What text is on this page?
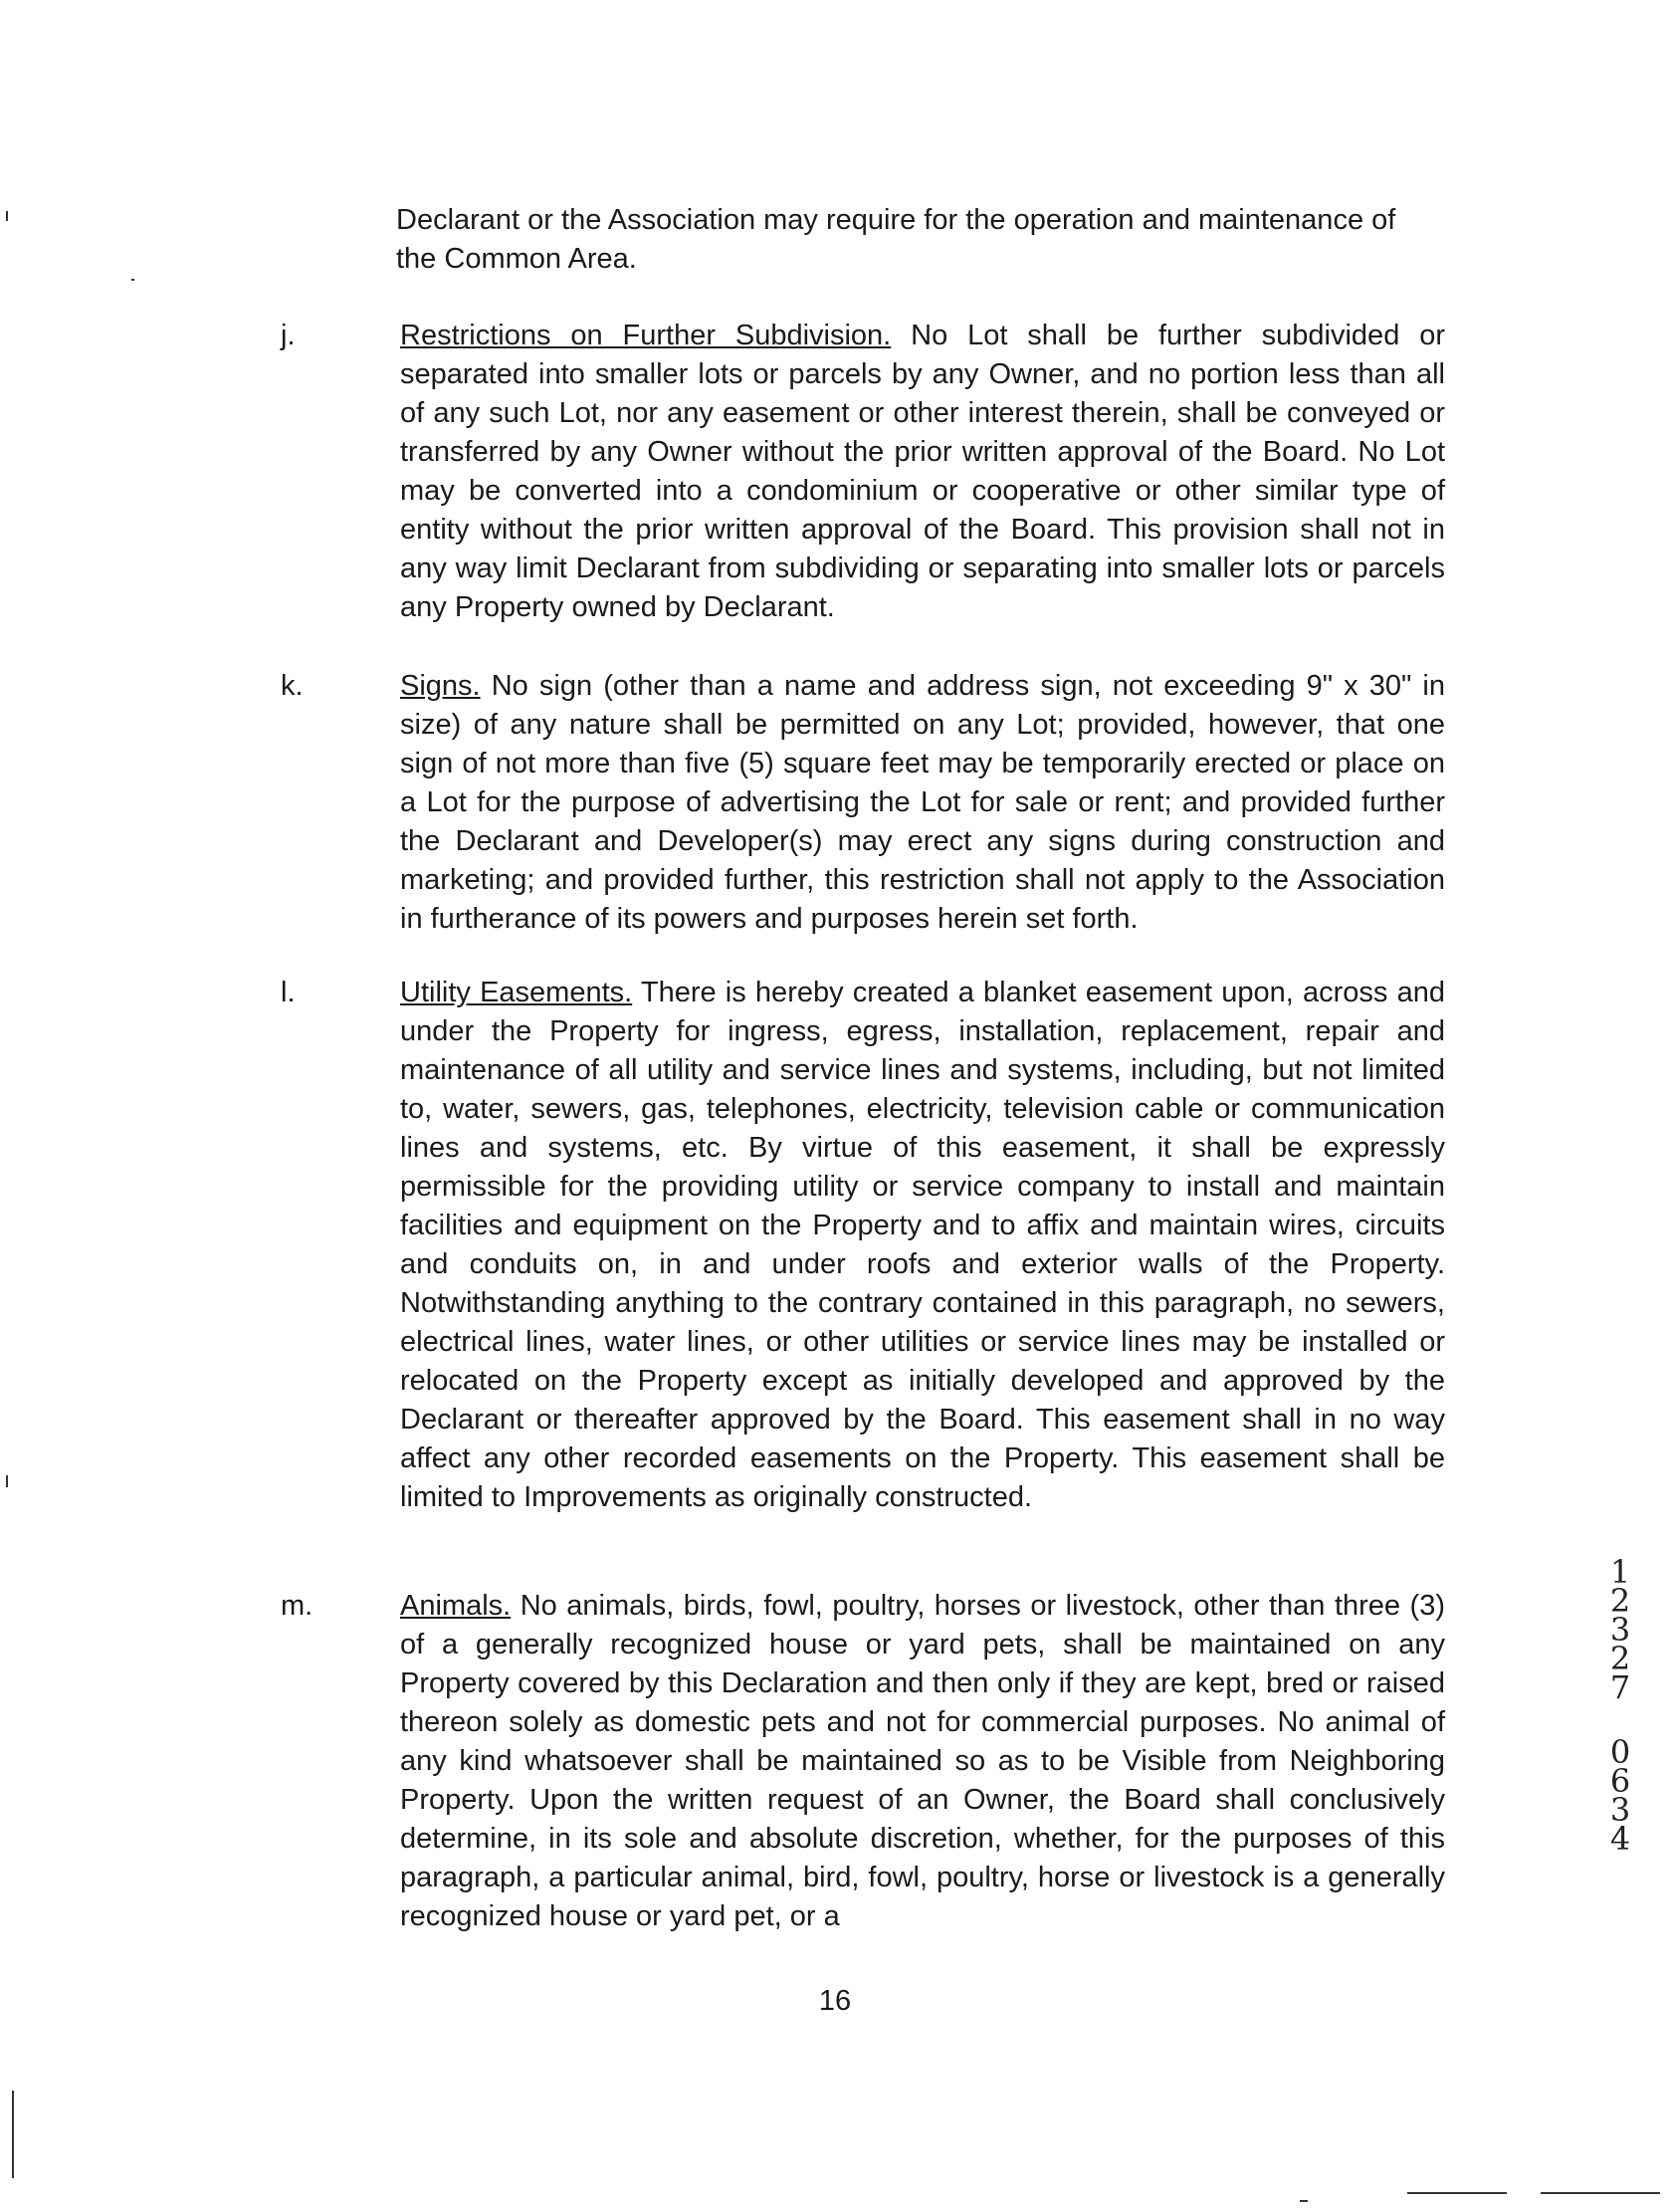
Declarant or the Association may require for the operation and maintenance of the Common Area.
j.	Restrictions on Further Subdivision. No Lot shall be further subdivided or separated into smaller lots or parcels by any Owner, and no portion less than all of any such Lot, nor any easement or other interest therein, shall be conveyed or transferred by any Owner without the prior written approval of the Board. No Lot may be converted into a condominium or cooperative or other similar type of entity without the prior written approval of the Board. This provision shall not in any way limit Declarant from subdividing or separating into smaller lots or parcels any Property owned by Declarant.
k.	Signs. No sign (other than a name and address sign, not exceeding 9" x 30" in size) of any nature shall be permitted on any Lot; provided, however, that one sign of not more than five (5) square feet may be temporarily erected or place on a Lot for the purpose of advertising the Lot for sale or rent; and provided further the Declarant and Developer(s) may erect any signs during construction and marketing; and provided further, this restriction shall not apply to the Association in furtherance of its powers and purposes herein set forth.
l.	Utility Easements. There is hereby created a blanket easement upon, across and under the Property for ingress, egress, installation, replacement, repair and maintenance of all utility and service lines and systems, including, but not limited to, water, sewers, gas, telephones, electricity, television cable or communication lines and systems, etc. By virtue of this easement, it shall be expressly permissible for the providing utility or service company to install and maintain facilities and equipment on the Property and to affix and maintain wires, circuits and conduits on, in and under roofs and exterior walls of the Property. Notwithstanding anything to the contrary contained in this paragraph, no sewers, electrical lines, water lines, or other utilities or service lines may be installed or relocated on the Property except as initially developed and approved by the Declarant or thereafter approved by the Board. This easement shall in no way affect any other recorded easements on the Property. This easement shall be limited to Improvements as originally constructed.
m.	Animals. No animals, birds, fowl, poultry, horses or livestock, other than three (3) of a generally recognized house or yard pets, shall be maintained on any Property covered by this Declaration and then only if they are kept, bred or raised thereon solely as domestic pets and not for commercial purposes. No animal of any kind whatsoever shall be maintained so as to be Visible from Neighboring Property. Upon the written request of an Owner, the Board shall conclusively determine, in its sole and absolute discretion, whether, for the purposes of this paragraph, a particular animal, bird, fowl, poultry, horse or livestock is a generally recognized house or yard pet, or a
16
1
2
3
2
7
0
6
3
4
